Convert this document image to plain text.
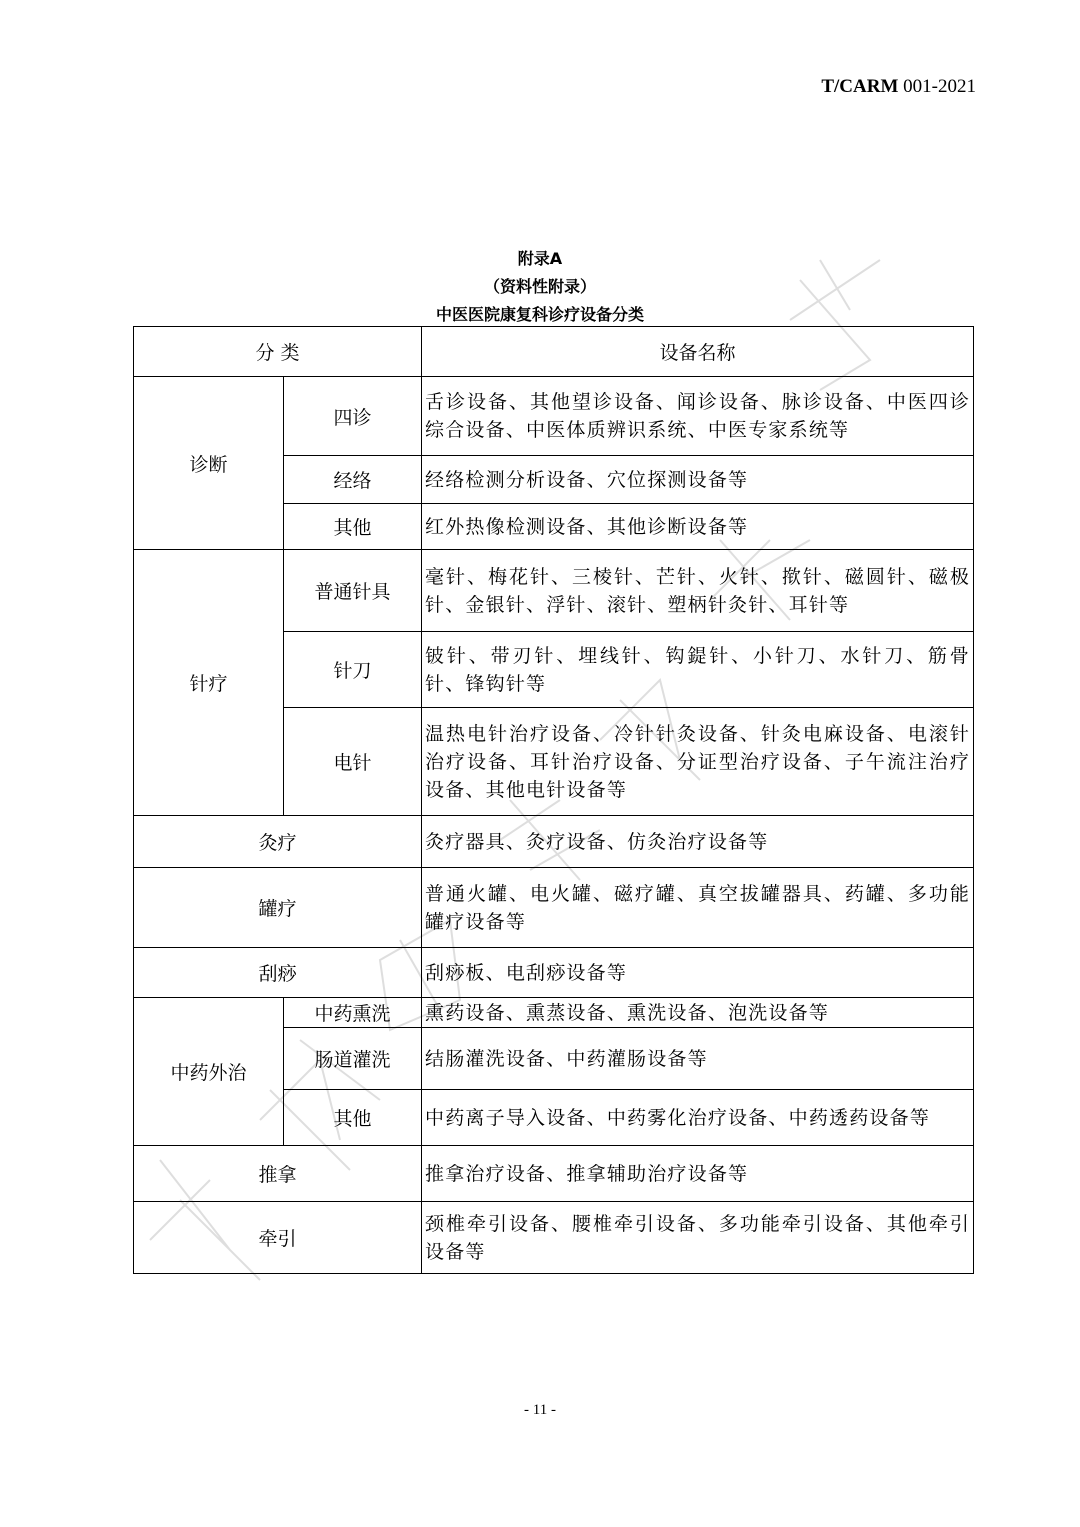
T/CARM 001-2021
附录A
（资料性附录）
中医医院康复科诊疗设备分类
分 类		设备名称
诊断	四诊	舌诊设备、其他望诊设备、闻诊设备、脉诊设备、中医四诊综合设备、中医体质辨识系统、中医专家系统等
	经络	经络检测分析设备、穴位探测设备等
	其他	红外热像检测设备、其他诊断设备等
针疗	普通针具	毫针、梅花针、三棱针、芒针、火针、揿针、磁圆针、磁极针、金银针、浮针、滚针、塑柄针灸针、耳针等
	针刀	铍针、带刃针、埋线针、钩鍉针、小针刀、水针刀、筋骨针、锋钩针等
	电针	温热电针治疗设备、冷针针灸设备、针灸电麻设备、电滚针治疗设备、耳针治疗设备、分证型治疗设备、子午流注治疗设备、其他电针设备等
灸疗		灸疗器具、灸疗设备、仿灸治疗设备等
罐疗		普通火罐、电火罐、磁疗罐、真空拔罐器具、药罐、多功能罐疗设备等
刮痧		刮痧板、电刮痧设备等
中药外治	中药熏洗	熏药设备、熏蒸设备、熏洗设备、泡洗设备等
	肠道灌洗	结肠灌洗设备、中药灌肠设备等
	其他	中药离子导入设备、中药雾化治疗设备、中药透药设备等
推拿		推拿治疗设备、推拿辅助治疗设备等
牵引		颈椎牵引设备、腰椎牵引设备、多功能牵引设备、其他牵引设备等
- 11 -
